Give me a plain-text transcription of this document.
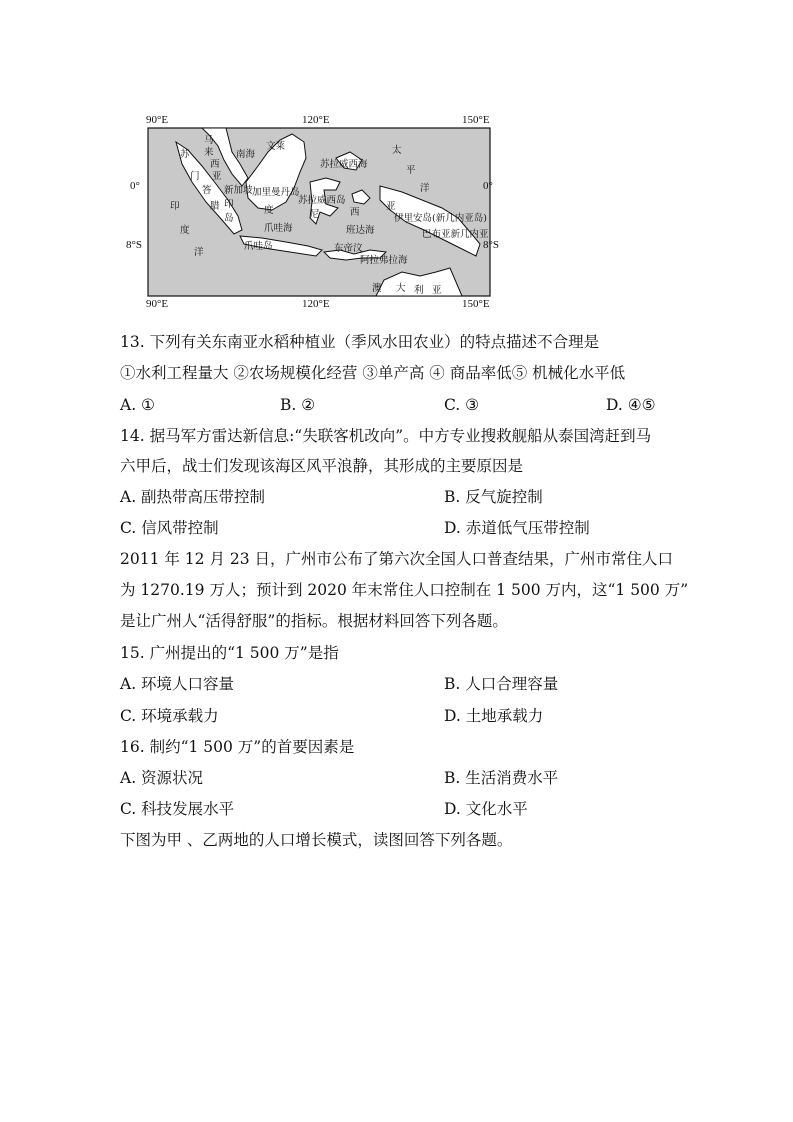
90°E	120°E	150°E
90°E	120°E	150°E
0°
8°S
0°
8°S
马
来
西
亚
南海
文莱
苏
门
答
腊 印
岛
新加坡 加里曼丹岛
度
爪哇海
爪哇岛
苏拉威西海
苏拉威西岛
尼	西
亚
班达海
东帝汶
阿拉弗拉海
太
平
洋
伊里安岛(新几内亚岛)
巴布亚新几内亚
印
度
洋
澳 大 利 亚
13. 下列有关东南亚水稻种植业（季风水田农业）的特点描述不合理是
①水利工程量大 ②农场规模化经营 ③单产高 ④ 商品率低⑤ 机械化水平低
A. ①	B. ②	C. ③	D. ④⑤
14. 据马军方雷达新信息:“失联客机改向”。中方专业搜救舰船从泰国湾赶到马
六甲后，战士们发现该海区风平浪静，其形成的主要原因是
A. 副热带高压带控制	B. 反气旋控制
C. 信风带控制	D. 赤道低气压带控制
2011 年 12 月 23 日，广州市公布了第六次全国人口普查结果，广州市常住人口
为 1270.19 万人；预计到 2020 年末常住人口控制在 1 500 万内，这“1 500 万”
是让广州人“活得舒服”的指标。根据材料回答下列各题。
15. 广州提出的“1 500 万”是指
A. 环境人口容量	B. 人口合理容量
C. 环境承载力	D. 土地承载力
16. 制约“1 500 万”的首要因素是
A. 资源状况	B. 生活消费水平
C. 科技发展水平	D. 文化水平
下图为甲 、乙两地的人口增长模式，读图回答下列各题。
